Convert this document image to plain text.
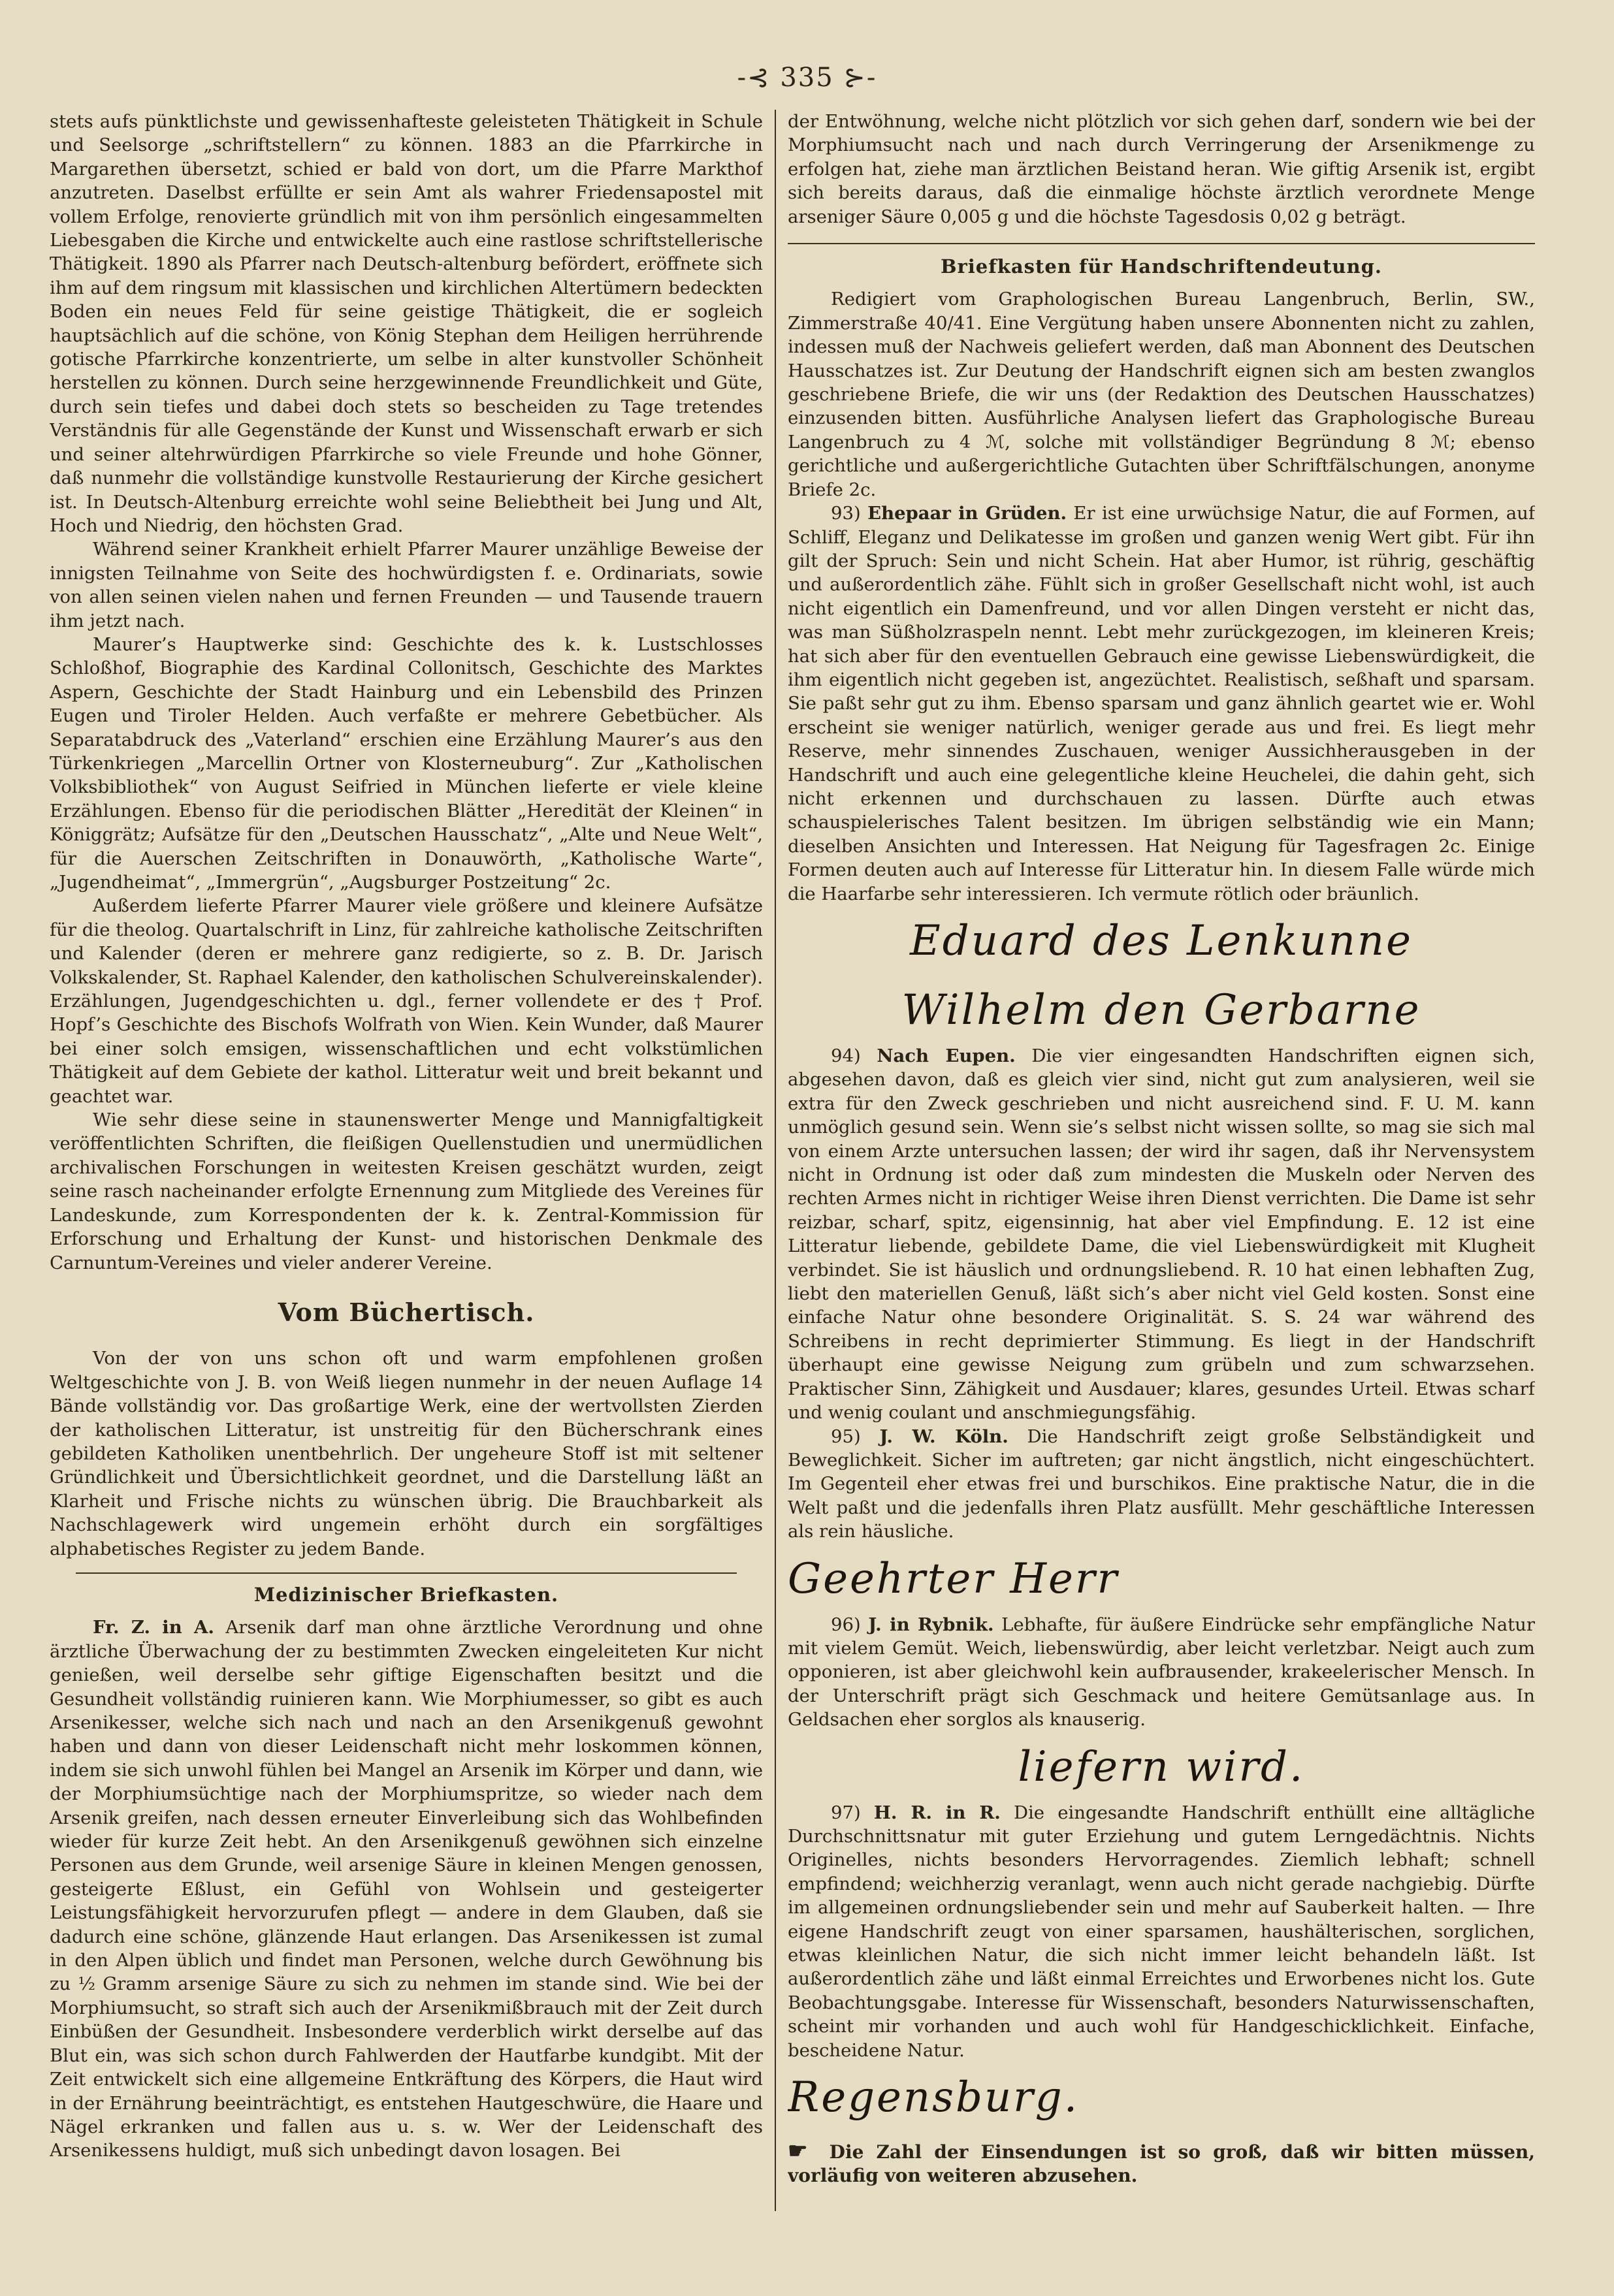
-⊰ 335 ⊱-

stets aufs pünktlichste und gewissenhafteste geleisteten Thätigkeit in Schule und Seelsorge „schriftstellern“ zu können. 1883 an die Pfarrkirche in Margarethen übersetzt, schied er bald von dort, um die Pfarre Markthof anzutreten. Daselbst erfüllte er sein Amt als wahrer Friedensapostel mit vollem Erfolge, renovierte gründlich mit von ihm persönlich eingesammelten Liebesgaben die Kirche und entwickelte auch eine rastlose schriftstellerische Thätigkeit. 1890 als Pfarrer nach Deutsch-altenburg befördert, eröffnete sich ihm auf dem ringsum mit klassischen und kirchlichen Altertümern bedeckten Boden ein neues Feld für seine geistige Thätigkeit, die er sogleich hauptsächlich auf die schöne, von König Stephan dem Heiligen herrührende gotische Pfarrkirche konzentrierte, um selbe in alter kunstvoller Schönheit herstellen zu können. Durch seine herzgewinnende Freundlichkeit und Güte, durch sein tiefes und dabei doch stets so bescheiden zu Tage tretendes Verständnis für alle Gegenstände der Kunst und Wissenschaft erwarb er sich und seiner altehrwürdigen Pfarrkirche so viele Freunde und hohe Gönner, daß nunmehr die vollständige kunstvolle Restaurierung der Kirche gesichert ist. In Deutsch-Altenburg erreichte wohl seine Beliebtheit bei Jung und Alt, Hoch und Niedrig, den höchsten Grad.

Während seiner Krankheit erhielt Pfarrer Maurer unzählige Beweise der innigsten Teilnahme von Seite des hochwürdigsten f. e. Ordinariats, sowie von allen seinen vielen nahen und fernen Freunden — und Tausende trauern ihm jetzt nach.

Maurer’s Hauptwerke sind: Geschichte des k. k. Lustschlosses Schloßhof, Biographie des Kardinal Collonitsch, Geschichte des Marktes Aspern, Geschichte der Stadt Hainburg und ein Lebensbild des Prinzen Eugen und Tiroler Helden. Auch verfaßte er mehrere Gebetbücher. Als Separatabdruck des „Vaterland“ erschien eine Erzählung Maurer’s aus den Türkenkriegen „Marcellin Ortner von Klosterneuburg“. Zur „Katholischen Volksbibliothek“ von August Seifried in München lieferte er viele kleine Erzählungen. Ebenso für die periodischen Blätter „Heredität der Kleinen“ in Königgrätz; Aufsätze für den „Deutschen Hausschatz“, „Alte und Neue Welt“, für die Auerschen Zeitschriften in Donauwörth, „Katholische Warte“, „Jugendheimat“, „Immergrün“, „Augsburger Postzeitung“ 2c.

Außerdem lieferte Pfarrer Maurer viele größere und kleinere Aufsätze für die theolog. Quartalschrift in Linz, für zahlreiche katholische Zeitschriften und Kalender (deren er mehrere ganz redigierte, so z. B. Dr. Jarisch Volkskalender, St. Raphael Kalender, den katholischen Schulvereinskalender). Erzählungen, Jugendgeschichten u. dgl., ferner vollendete er des † Prof. Hopf’s Geschichte des Bischofs Wolfrath von Wien. Kein Wunder, daß Maurer bei einer solch emsigen, wissenschaftlichen und echt volkstümlichen Thätigkeit auf dem Gebiete der kathol. Litteratur weit und breit bekannt und geachtet war.

Wie sehr diese seine in staunenswerter Menge und Mannigfaltigkeit veröffentlichten Schriften, die fleißigen Quellenstudien und unermüdlichen archivalischen Forschungen in weitesten Kreisen geschätzt wurden, zeigt seine rasch nacheinander erfolgte Ernennung zum Mitgliede des Vereines für Landeskunde, zum Korrespondenten der k. k. Zentral-Kommission für Erforschung und Erhaltung der Kunst- und historischen Denkmale des Carnuntum-Vereines und vieler anderer Vereine.

Vom Büchertisch.

Von der von uns schon oft und warm empfohlenen großen Weltgeschichte von J. B. von Weiß liegen nunmehr in der neuen Auflage 14 Bände vollständig vor. Das großartige Werk, eine der wertvollsten Zierden der katholischen Litteratur, ist unstreitig für den Bücherschrank eines gebildeten Katholiken unentbehrlich. Der ungeheure Stoff ist mit seltener Gründlichkeit und Übersichtlichkeit geordnet, und die Darstellung läßt an Klarheit und Frische nichts zu wünschen übrig. Die Brauchbarkeit als Nachschlagewerk wird ungemein erhöht durch ein sorgfältiges alphabetisches Register zu jedem Bande.

Medizinischer Briefkasten.

Fr. Z. in A. Arsenik darf man ohne ärztliche Verordnung und ohne ärztliche Überwachung der zu bestimmten Zwecken eingeleiteten Kur nicht genießen, weil derselbe sehr giftige Eigenschaften besitzt und die Gesundheit vollständig ruinieren kann. Wie Morphiumesser, so gibt es auch Arsenikesser, welche sich nach und nach an den Arsenikgenuß gewohnt haben und dann von dieser Leidenschaft nicht mehr loskommen können, indem sie sich unwohl fühlen bei Mangel an Arsenik im Körper und dann, wie der Morphiumsüchtige nach der Morphiumspritze, so wieder nach dem Arsenik greifen, nach dessen erneuter Einverleibung sich das Wohlbefinden wieder für kurze Zeit hebt. An den Arsenikgenuß gewöhnen sich einzelne Personen aus dem Grunde, weil arsenige Säure in kleinen Mengen genossen, gesteigerte Eßlust, ein Gefühl von Wohlsein und gesteigerter Leistungsfähigkeit hervorzurufen pflegt — andere in dem Glauben, daß sie dadurch eine schöne, glänzende Haut erlangen. Das Arsenikessen ist zumal in den Alpen üblich und findet man Personen, welche durch Gewöhnung bis zu ½ Gramm arsenige Säure zu sich zu nehmen im stande sind. Wie bei der Morphiumsucht, so straft sich auch der Arsenikmißbrauch mit der Zeit durch Einbüßen der Gesundheit. Insbesondere verderblich wirkt derselbe auf das Blut ein, was sich schon durch Fahlwerden der Hautfarbe kundgibt. Mit der Zeit entwickelt sich eine allgemeine Entkräftung des Körpers, die Haut wird in der Ernährung beeinträchtigt, es entstehen Hautgeschwüre, die Haare und Nägel erkranken und fallen aus u. s. w. Wer der Leidenschaft des Arsenikessens huldigt, muß sich unbedingt davon losagen. Bei

der Entwöhnung, welche nicht plötzlich vor sich gehen darf, sondern wie bei der Morphiumsucht nach und nach durch Verringerung der Arsenikmenge zu erfolgen hat, ziehe man ärztlichen Beistand heran. Wie giftig Arsenik ist, ergibt sich bereits daraus, daß die einmalige höchste ärztlich verordnete Menge arseniger Säure 0,005 g und die höchste Tagesdosis 0,02 g beträgt.

Briefkasten für Handschriftendeutung.

Redigiert vom Graphologischen Bureau Langenbruch, Berlin, SW., Zimmerstraße 40/41. Eine Vergütung haben unsere Abonnenten nicht zu zahlen, indessen muß der Nachweis geliefert werden, daß man Abonnent des Deutschen Hausschatzes ist. Zur Deutung der Handschrift eignen sich am besten zwanglos geschriebene Briefe, die wir uns (der Redaktion des Deutschen Hausschatzes) einzusenden bitten. Ausführliche Analysen liefert das Graphologische Bureau Langenbruch zu 4 ℳ, solche mit vollständiger Begründung 8 ℳ; ebenso gerichtliche und außergerichtliche Gutachten über Schriftfälschungen, anonyme Briefe 2c.

93) Ehepaar in Grüden. Er ist eine urwüchsige Natur, die auf Formen, auf Schliff, Eleganz und Delikatesse im großen und ganzen wenig Wert gibt. Für ihn gilt der Spruch: Sein und nicht Schein. Hat aber Humor, ist rührig, geschäftig und außerordentlich zähe. Fühlt sich in großer Gesellschaft nicht wohl, ist auch nicht eigentlich ein Damenfreund, und vor allen Dingen versteht er nicht das, was man Süßholzraspeln nennt. Lebt mehr zurückgezogen, im kleineren Kreis; hat sich aber für den eventuellen Gebrauch eine gewisse Liebenswürdigkeit, die ihm eigentlich nicht gegeben ist, angezüchtet. Realistisch, seßhaft und sparsam. Sie paßt sehr gut zu ihm. Ebenso sparsam und ganz ähnlich geartet wie er. Wohl erscheint sie weniger natürlich, weniger gerade aus und frei. Es liegt mehr Reserve, mehr sinnendes Zuschauen, weniger Aussichherausgeben in der Handschrift und auch eine gelegentliche kleine Heuchelei, die dahin geht, sich nicht erkennen und durchschauen zu lassen. Dürfte auch etwas schauspielerisches Talent besitzen. Im übrigen selbständig wie ein Mann; dieselben Ansichten und Interessen. Hat Neigung für Tagesfragen 2c. Einige Formen deuten auch auf Interesse für Litteratur hin. In diesem Falle würde mich die Haarfarbe sehr interessieren. Ich vermute rötlich oder bräunlich.

Eduard des Lenkunne
Wilhelm den Gerbarne

94) Nach Eupen. Die vier eingesandten Handschriften eignen sich, abgesehen davon, daß es gleich vier sind, nicht gut zum analysieren, weil sie extra für den Zweck geschrieben und nicht ausreichend sind. F. U. M. kann unmöglich gesund sein. Wenn sie’s selbst nicht wissen sollte, so mag sie sich mal von einem Arzte untersuchen lassen; der wird ihr sagen, daß ihr Nervensystem nicht in Ordnung ist oder daß zum mindesten die Muskeln oder Nerven des rechten Armes nicht in richtiger Weise ihren Dienst verrichten. Die Dame ist sehr reizbar, scharf, spitz, eigensinnig, hat aber viel Empfindung. E. 12 ist eine Litteratur liebende, gebildete Dame, die viel Liebenswürdigkeit mit Klugheit verbindet. Sie ist häuslich und ordnungsliebend. R. 10 hat einen lebhaften Zug, liebt den materiellen Genuß, läßt sich’s aber nicht viel Geld kosten. Sonst eine einfache Natur ohne besondere Originalität. S. S. 24 war während des Schreibens in recht deprimierter Stimmung. Es liegt in der Handschrift überhaupt eine gewisse Neigung zum grübeln und zum schwarzsehen. Praktischer Sinn, Zähigkeit und Ausdauer; klares, gesundes Urteil. Etwas scharf und wenig coulant und anschmiegungsfähig.

95) J. W. Köln. Die Handschrift zeigt große Selbständigkeit und Beweglichkeit. Sicher im auftreten; gar nicht ängstlich, nicht eingeschüchtert. Im Gegenteil eher etwas frei und burschikos. Eine praktische Natur, die in die Welt paßt und die jedenfalls ihren Platz ausfüllt. Mehr geschäftliche Interessen als rein häusliche.

Geehrter Herr

96) J. in Rybnik. Lebhafte, für äußere Eindrücke sehr empfängliche Natur mit vielem Gemüt. Weich, liebenswürdig, aber leicht verletzbar. Neigt auch zum opponieren, ist aber gleichwohl kein aufbrausender, krakeelerischer Mensch. In der Unterschrift prägt sich Geschmack und heitere Gemütsanlage aus. In Geldsachen eher sorglos als knauserig.

liefern wird.

97) H. R. in R. Die eingesandte Handschrift enthüllt eine alltägliche Durchschnittsnatur mit guter Erziehung und gutem Lerngedächtnis. Nichts Originelles, nichts besonders Hervorragendes. Ziemlich lebhaft; schnell empfindend; weichherzig veranlagt, wenn auch nicht gerade nachgiebig. Dürfte im allgemeinen ordnungsliebender sein und mehr auf Sauberkeit halten. — Ihre eigene Handschrift zeugt von einer sparsamen, haushälterischen, sorglichen, etwas kleinlichen Natur, die sich nicht immer leicht behandeln läßt. Ist außerordentlich zähe und läßt einmal Erreichtes und Erworbenes nicht los. Gute Beobachtungsgabe. Interesse für Wissenschaft, besonders Naturwissenschaften, scheint mir vorhanden und auch wohl für Handgeschicklichkeit. Einfache, bescheidene Natur.

Regensburg.
☛ Die Zahl der Einsendungen ist so groß, daß wir bitten müssen, vorläufig von weiteren abzusehen.
